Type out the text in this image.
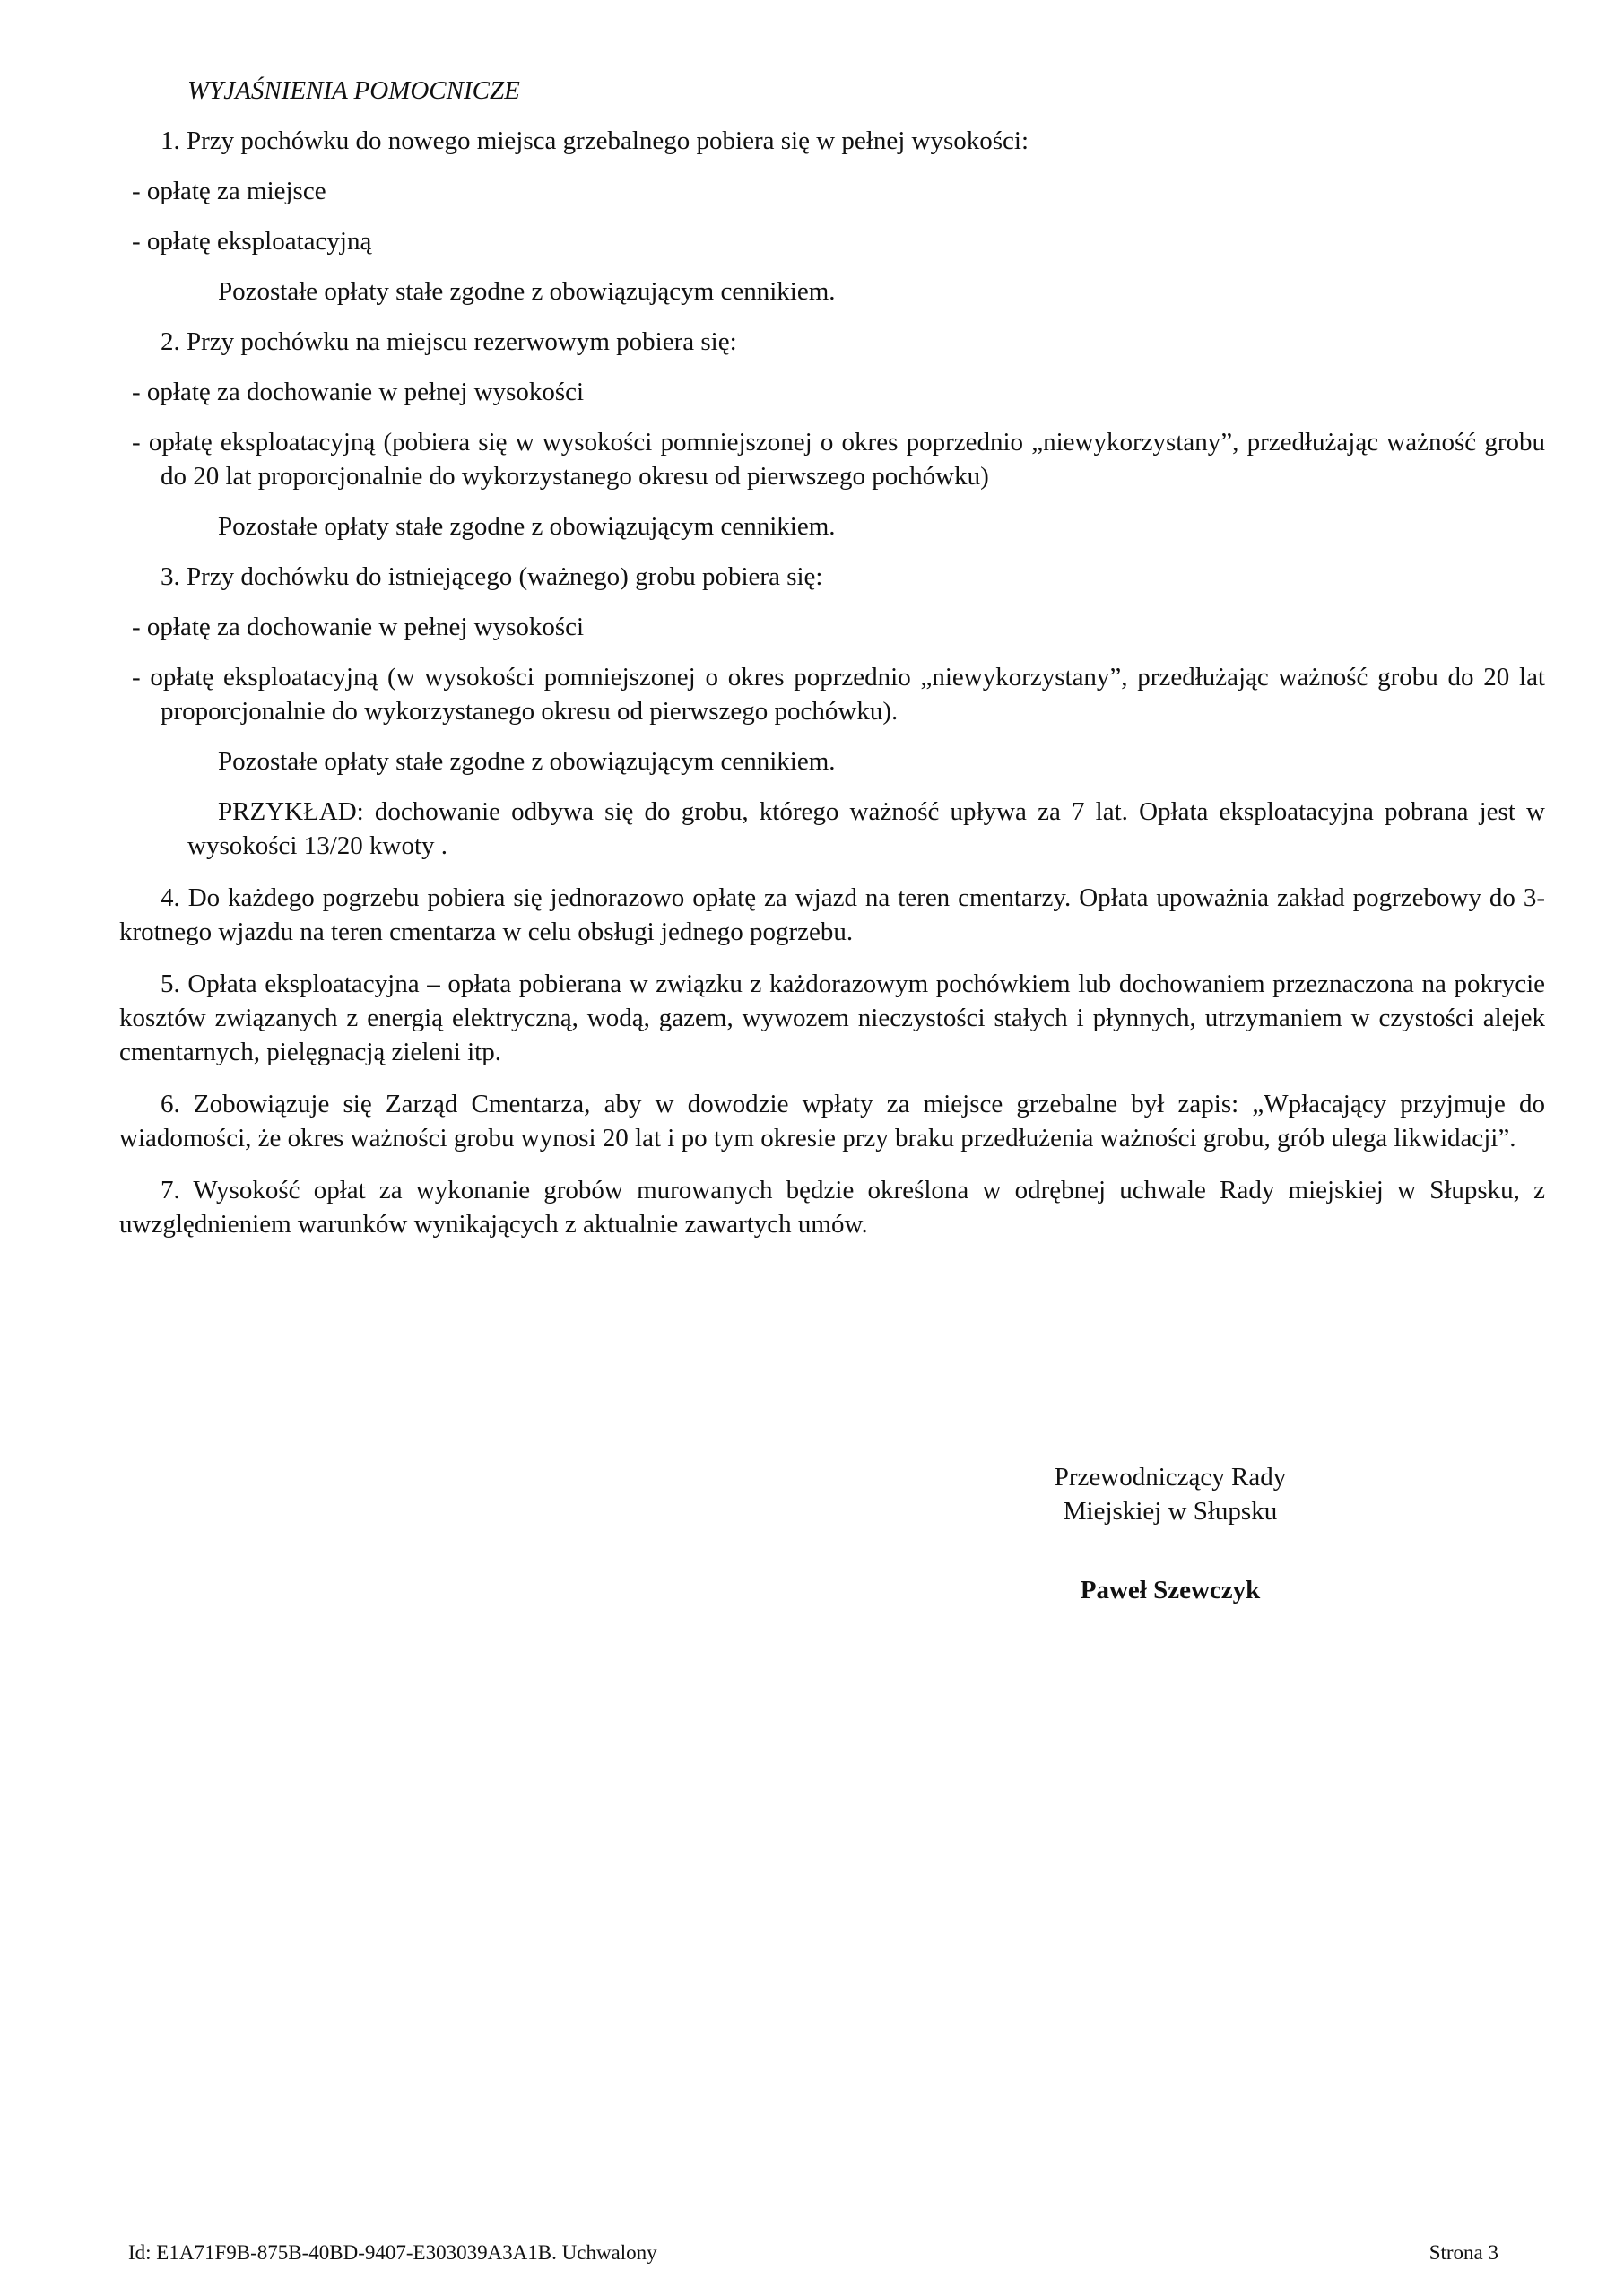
WYJAŚNIENIA POMOCNICZE

1. Przy pochówku do nowego miejsca grzebalnego pobiera się w pełnej wysokości:

- opłatę za miejsce

- opłatę eksploatacyjną

Pozostałe opłaty stałe zgodne z obowiązującym cennikiem.

2. Przy pochówku na miejscu rezerwowym pobiera się:

- opłatę za dochowanie w pełnej wysokości

- opłatę eksploatacyjną (pobiera się w wysokości pomniejszonej o okres poprzednio „niewykorzystany”, przedłużając ważność grobu do 20 lat proporcjonalnie do wykorzystanego okresu od pierwszego pochówku)

Pozostałe opłaty stałe zgodne z obowiązującym cennikiem.

3. Przy dochówku do istniejącego (ważnego) grobu pobiera się:

- opłatę za dochowanie w pełnej wysokości

- opłatę eksploatacyjną (w wysokości pomniejszonej o okres poprzednio „niewykorzystany”, przedłużając ważność grobu do 20 lat proporcjonalnie do wykorzystanego okresu od pierwszego pochówku).

Pozostałe opłaty stałe zgodne z obowiązującym cennikiem.

PRZYKŁAD: dochowanie odbywa się do grobu, którego ważność upływa za 7 lat. Opłata eksploatacyjna pobrana jest w wysokości 13/20 kwoty .

4. Do każdego pogrzebu pobiera się jednorazowo opłatę za wjazd na teren cmentarzy. Opłata upoważnia zakład pogrzebowy do 3-krotnego wjazdu na teren cmentarza w celu obsługi jednego pogrzebu.

5. Opłata eksploatacyjna – opłata pobierana w związku z każdorazowym pochówkiem lub dochowaniem przeznaczona na pokrycie kosztów związanych z energią elektryczną, wodą, gazem, wywozem nieczystości stałych i płynnych, utrzymaniem w czystości alejek cmentarnych, pielęgnacją zieleni itp.

6. Zobowiązuje się Zarząd Cmentarza, aby w dowodzie wpłaty za miejsce grzebalne był zapis: „Wpłacający przyjmuje do wiadomości, że okres ważności grobu wynosi 20 lat i po tym okresie przy braku przedłużenia ważności grobu, grób ulega likwidacji”.

7. Wysokość opłat za wykonanie grobów murowanych będzie określona w odrębnej uchwale Rady miejskiej w Słupsku, z uwzględnieniem warunków wynikających z aktualnie zawartych umów.

Przewodniczący Rady

Miejskiej w Słupsku

Paweł Szewczyk

Id: E1A71F9B-875B-40BD-9407-E303039A3A1B. Uchwalony	Strona 3
